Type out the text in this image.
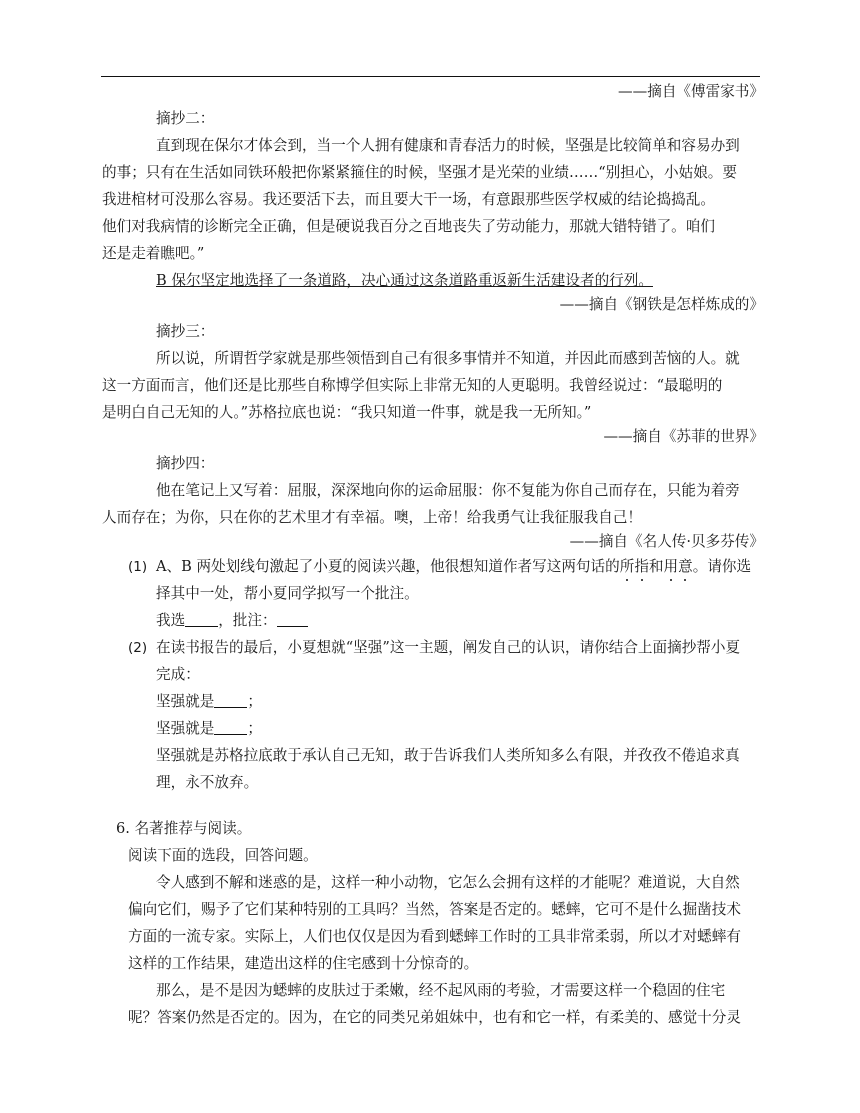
——摘自《傅雷家书》
摘抄二：
直到现在保尔才体会到，当一个人拥有健康和青春活力的时候，坚强是比较简单和容易办到
的事；只有在生活如同铁环般把你紧紧箍住的时候，坚强才是光荣的业绩……“别担心，小姑娘。要
我进棺材可没那么容易。我还要活下去，而且要大干一场，有意跟那些医学权威的结论捣捣乱。
他们对我病情的诊断完全正确，但是硬说我百分之百地丧失了劳动能力，那就大错特错了。咱们
还是走着瞧吧。”
B 保尔坚定地选择了一条道路，决心通过这条道路重返新生活建设者的行列。
——摘自《钢铁是怎样炼成的》
摘抄三：
所以说，所谓哲学家就是那些领悟到自己有很多事情并不知道，并因此而感到苦恼的人。就
这一方面而言，他们还是比那些自称博学但实际上非常无知的人更聪明。我曾经说过：“最聪明的
是明白自己无知的人。”苏格拉底也说：“我只知道一件事，就是我一无所知。”
——摘自《苏菲的世界》
摘抄四：
他在笔记上又写着：屈服，深深地向你的运命屈服：你不复能为你自己而存在，只能为着旁
人而存在；为你，只在你的艺术里才有幸福。噢，上帝！给我勇气让我征服我自己！
——摘自《名人传·贝多芬传》
(1) A、B 两处划线句激起了小夏的阅读兴趣，他很想知道作者写这两句话的所指
和用意
。请你选
择其中一处，帮小夏同学拟写一个批注。
我选 ，批注：
(2) 在读书报告的最后，小夏想就“坚强”这一主题，阐发自己的认识，请你结合上面摘抄帮小夏
完成：
坚强就是 ；
坚强就是 ；
坚强就是苏格拉底敢于承认自己无知，敢于告诉我们人类所知多么有限，并孜孜不倦追求真
理，永不放弃。
6. 名著推荐与阅读。
阅读下面的选段，回答问题。
令人感到不解和迷惑的是，这样一种小动物，它怎么会拥有这样的才能呢？难道说，大自然
偏向它们，赐予了它们某种特别的工具吗？当然，答案是否定的。蟋蟀，它可不是什么掘凿技术
方面的一流专家。实际上，人们也仅仅是因为看到蟋蟀工作时的工具非常柔弱，所以才对蟋蟀有
这样的工作结果，建造出这样的住宅感到十分惊奇的。
那么，是不是因为蟋蟀的皮肤过于柔嫩，经不起风雨的考验，才需要这样一个稳固的住宅
呢？答案仍然是否定的。因为，在它的同类兄弟姐妹中，也有和它一样，有柔美的、感觉十分灵
